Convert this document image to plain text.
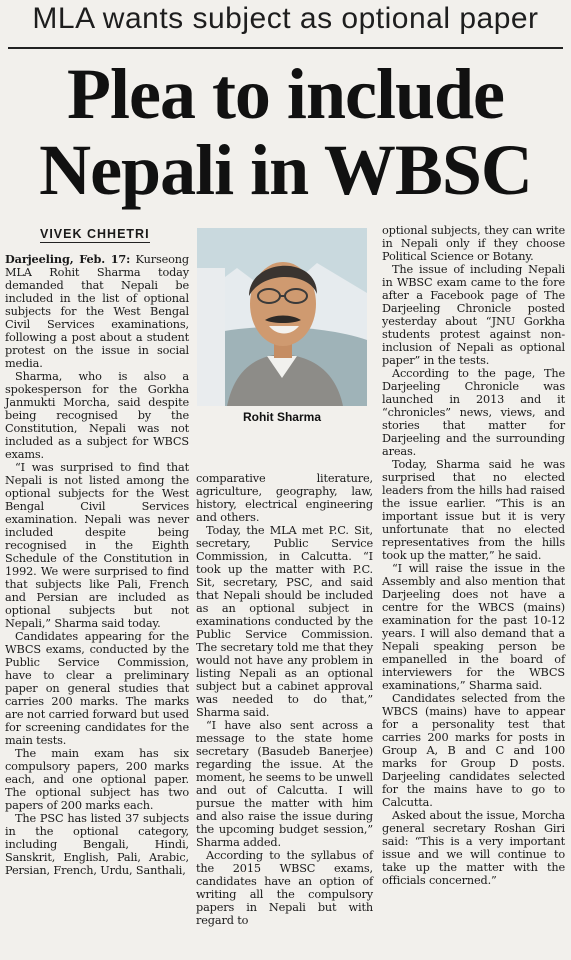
MLA wants subject as optional paper
Plea to include
Nepali in WBSC
VIVEK CHHETRI

Darjeeling, Feb. 17: Kurseong MLA Rohit Sharma today demanded that Nepali be included in the list of optional subjects for the West Bengal Civil Services examinations, following a post about a student protest on the issue in social media.

Sharma, who is also a spokesperson for the Gorkha Janmukti Morcha, said despite being recognised by the Constitution, Nepali was not included as a subject for WBCS exams.

“I was surprised to find that Nepali is not listed among the optional subjects for the West Bengal Civil Services examination. Nepali was never included despite being recognised in the Eighth Schedule of the Constitution in 1992. We were surprised to find that subjects like Pali, French and Persian are included as optional subjects but not Nepali,” Sharma said today.

Candidates appearing for the WBCS exams, conducted by the Public Service Commission, have to clear a preliminary paper on general studies that carries 200 marks. The marks are not carried forward but used for screening candidates for the main tests.

The main exam has six compulsory papers, 200 marks each, and one optional paper. The optional subject has two papers of 200 marks each.

The PSC has listed 37 subjects in the optional category, including Bengali, Hindi, Sanskrit, English, Pali, Arabic, Persian, French, Urdu, Santhali,

Rohit Sharma

comparative literature, agriculture, geography, law, history, electrical engineering and others.

Today, the MLA met P.C. Sit, secretary, Public Service Commission, in Calcutta. “I took up the matter with P.C. Sit, secretary, PSC, and said that Nepali should be included as an optional subject in examinations conducted by the Public Service Commission. The secretary told me that they would not have any problem in listing Nepali as an optional subject but a cabinet approval was needed to do that,” Sharma said.

“I have also sent across a message to the state home secretary (Basudeb Banerjee) regarding the issue. At the moment, he seems to be unwell and out of Calcutta. I will pursue the matter with him and also raise the issue during the upcoming budget session,” Sharma added.

According to the syllabus of the 2015 WBSC exams, candidates have an option of writing all the compulsory papers in Nepali but with regard to

optional subjects, they can write in Nepali only if they choose Political Science or Botany.

The issue of including Nepali in WBSC exam came to the fore after a Facebook page of The Darjeeling Chronicle posted yesterday about “JNU Gorkha students protest against non-inclusion of Nepali as optional paper” in the tests.

According to the page, The Darjeeling Chronicle was launched in 2013 and it “chronicles” news, views, and stories that matter for Darjeeling and the surrounding areas.

Today, Sharma said he was surprised that no elected leaders from the hills had raised the issue earlier. “This is an important issue but it is very unfortunate that no elected representatives from the hills took up the matter,” he said.

“I will raise the issue in the Assembly and also mention that Darjeeling does not have a centre for the WBCS (mains) examination for the past 10-12 years. I will also demand that a Nepali speaking person be empanelled in the board of interviewers for the WBCS examinations,” Sharma said.

Candidates selected from the WBCS (mains) have to appear for a personality test that carries 200 marks for posts in Group A, B and C and 100 marks for Group D posts. Darjeeling candidates selected for the mains have to go to Calcutta.

Asked about the issue, Morcha general secretary Roshan Giri said: “This is a very important issue and we will continue to take up the matter with the officials concerned.”
